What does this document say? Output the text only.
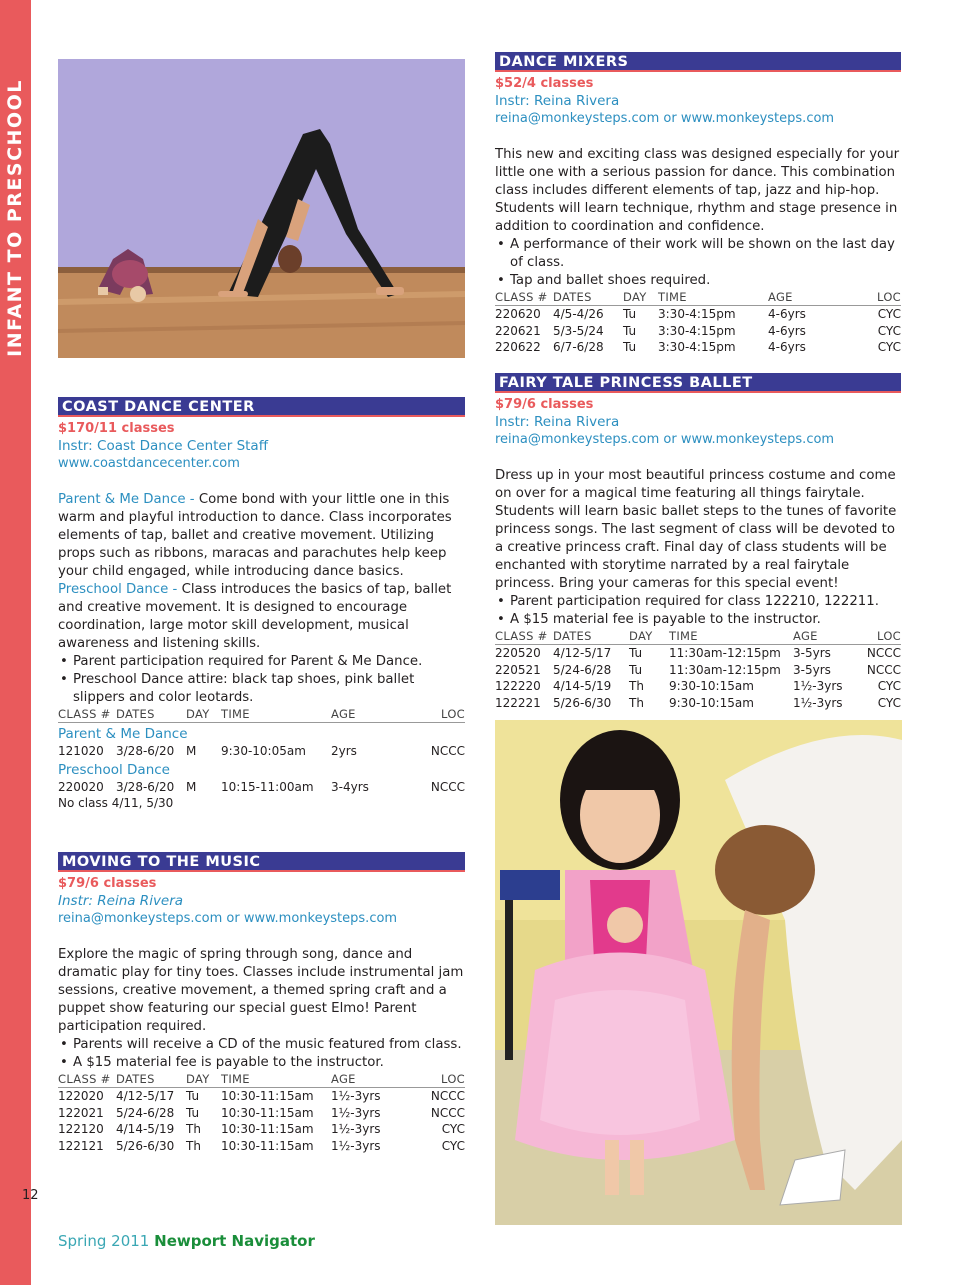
INFANT TO PRESCHOOL
12
COAST DANCE CENTER
$170/11 classes
Instr: Coast Dance Center Staff
www.coastdancecenter.com
Parent & Me Dance - Come bond with your little one in this warm and playful introduction to dance. Class incorporates elements of tap, ballet and creative movement. Utilizing props such as ribbons, maracas and parachutes help keep your child engaged, while introducing dance basics.
Preschool Dance - Class introduces the basics of tap, ballet and creative movement. It is designed to encourage coordination, large motor skill development, musical awareness and listening skills.
• Parent participation required for Parent & Me Dance.
• Preschool Dance attire: black tap shoes, pink ballet slippers and color leotards.
CLASS #	DATES	DAY	TIME	AGE	LOC
Parent & Me Dance					
121020	3/28-6/20	M	9:30-10:05am	2yrs	NCCC
Preschool Dance					
220020	3/28-6/20	M	10:15-11:00am	3-4yrs	NCCC
No class 4/11, 5/30
MOVING TO THE MUSIC
$79/6 classes
Instr: Reina Rivera
reina@monkeysteps.com or www.monkeysteps.com
Explore the magic of spring through song, dance and dramatic play for tiny toes. Classes include instrumental jam sessions, creative movement, a themed spring craft and a puppet show featuring our special guest Elmo! Parent participation required.
• Parents will receive a CD of the music featured from class.
• A $15 material fee is payable to the instructor.
CLASS #	DATES	DAY	TIME	AGE	LOC
122020	4/12-5/17	Tu	10:30-11:15am	1½-3yrs	NCCC
122021	5/24-6/28	Tu	10:30-11:15am	1½-3yrs	NCCC
122120	4/14-5/19	Th	10:30-11:15am	1½-3yrs	CYC
122121	5/26-6/30	Th	10:30-11:15am	1½-3yrs	CYC
DANCE MIXERS
$52/4 classes
Instr: Reina Rivera
reina@monkeysteps.com or www.monkeysteps.com
This new and exciting class was designed especially for your little one with a serious passion for dance. This combination class includes different elements of tap, jazz and hip-hop. Students will learn technique, rhythm and stage presence in addition to coordination and confidence.
• A performance of their work will be shown on the last day of class.
• Tap and ballet shoes required.
CLASS #	DATES	DAY	TIME	AGE	LOC
220620	4/5-4/26	Tu	3:30-4:15pm	4-6yrs	CYC
220621	5/3-5/24	Tu	3:30-4:15pm	4-6yrs	CYC
220622	6/7-6/28	Tu	3:30-4:15pm	4-6yrs	CYC
FAIRY TALE PRINCESS BALLET
$79/6 classes
Instr: Reina Rivera
reina@monkeysteps.com or www.monkeysteps.com
Dress up in your most beautiful princess costume and come on over for a magical time featuring all things fairytale. Students will learn basic ballet steps to the tunes of favorite princess songs. The last segment of class will be devoted to a creative princess craft. Final day of class students will be enchanted with storytime narrated by a real fairytale princess. Bring your cameras for this special event!
• Parent participation required for class 122210, 122211.
• A $15 material fee is payable to the instructor.
CLASS #	DATES	DAY	TIME	AGE	LOC
220520	4/12-5/17	Tu	11:30am-12:15pm	3-5yrs	NCCC
220521	5/24-6/28	Tu	11:30am-12:15pm	3-5yrs	NCCC
122220	4/14-5/19	Th	9:30-10:15am	1½-3yrs	CYC
122221	5/26-6/30	Th	9:30-10:15am	1½-3yrs	CYC
Spring 2011 Newport Navigator
